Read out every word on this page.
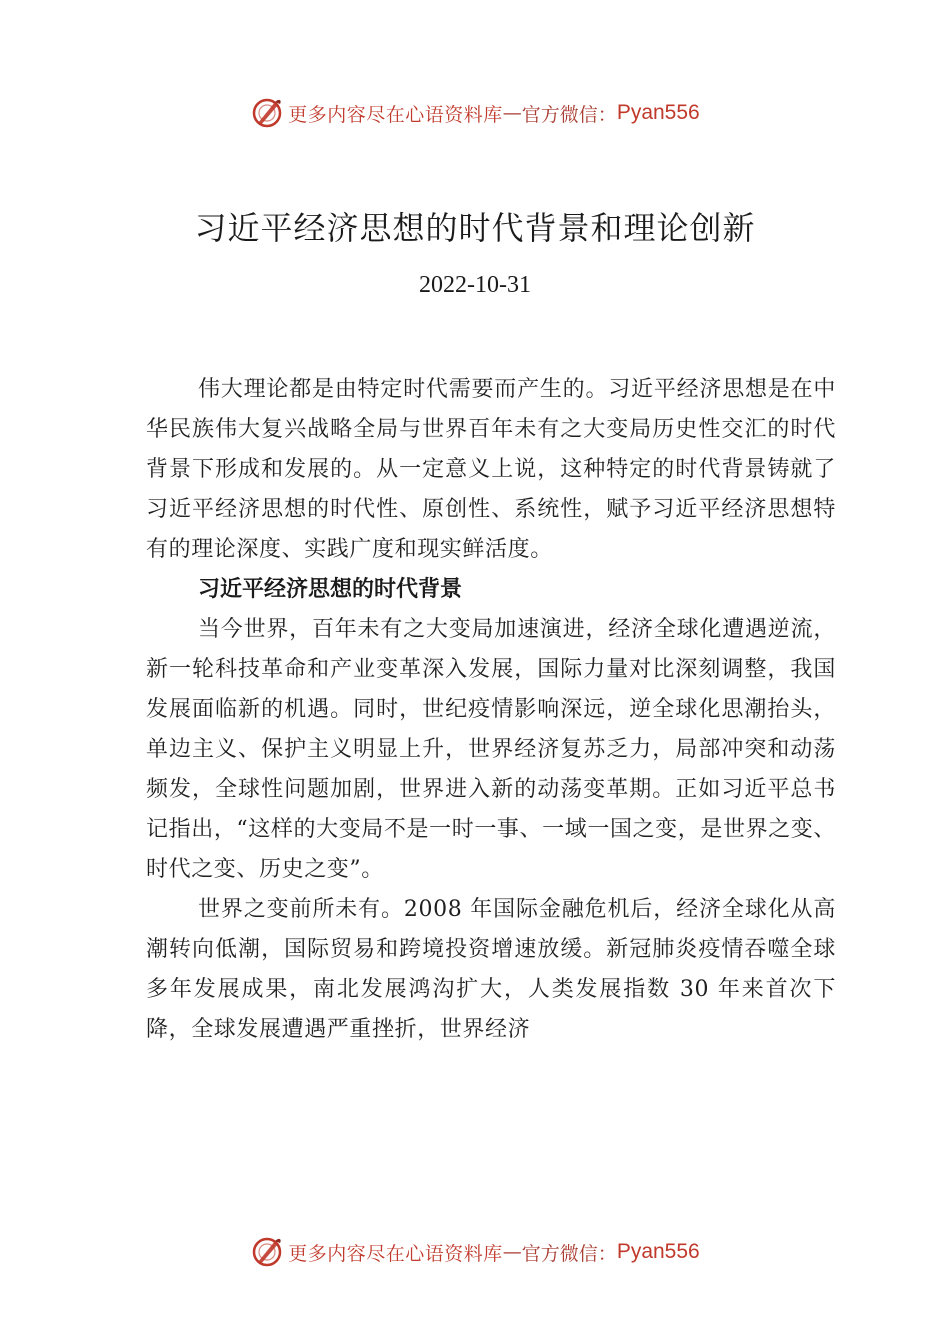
更多内容尽在心语资料库 — 官方微信： Pyan556
习近平经济思想的时代背景和理论创新
2022-10-31

伟大理论都是由特定时代需要而产生的。习近平经济思想是在中华民族伟大复兴战略全局与世界百年未有之大变局历史性交汇的时代背景下形成和发展的。从一定意义上说，这种特定的时代背景铸就了习近平经济思想的时代性、原创性、系统性，赋予习近平经济思想特有的理论深度、实践广度和现实鲜活度。

习近平经济思想的时代背景

当今世界，百年未有之大变局加速演进，经济全球化遭遇逆流，新一轮科技革命和产业变革深入发展，国际力量对比深刻调整，我国发展面临新的机遇。同时，世纪疫情影响深远，逆全球化思潮抬头，单边主义、保护主义明显上升，世界经济复苏乏力，局部冲突和动荡频发，全球性问题加剧，世界进入新的动荡变革期。正如习近平总书记指出，“这样的大变局不是一时一事、一域一国之变，是世界之变、时代之变、历史之变”。

世界之变前所未有。2008 年国际金融危机后，经济全球化从高潮转向低潮，国际贸易和跨境投资增速放缓。新冠肺炎疫情吞噬全球多年发展成果，南北发展鸿沟扩大，人类发展指数 30 年来首次下降，全球发展遭遇严重挫折，世界经济

更多内容尽在心语资料库 — 官方微信： Pyan556
